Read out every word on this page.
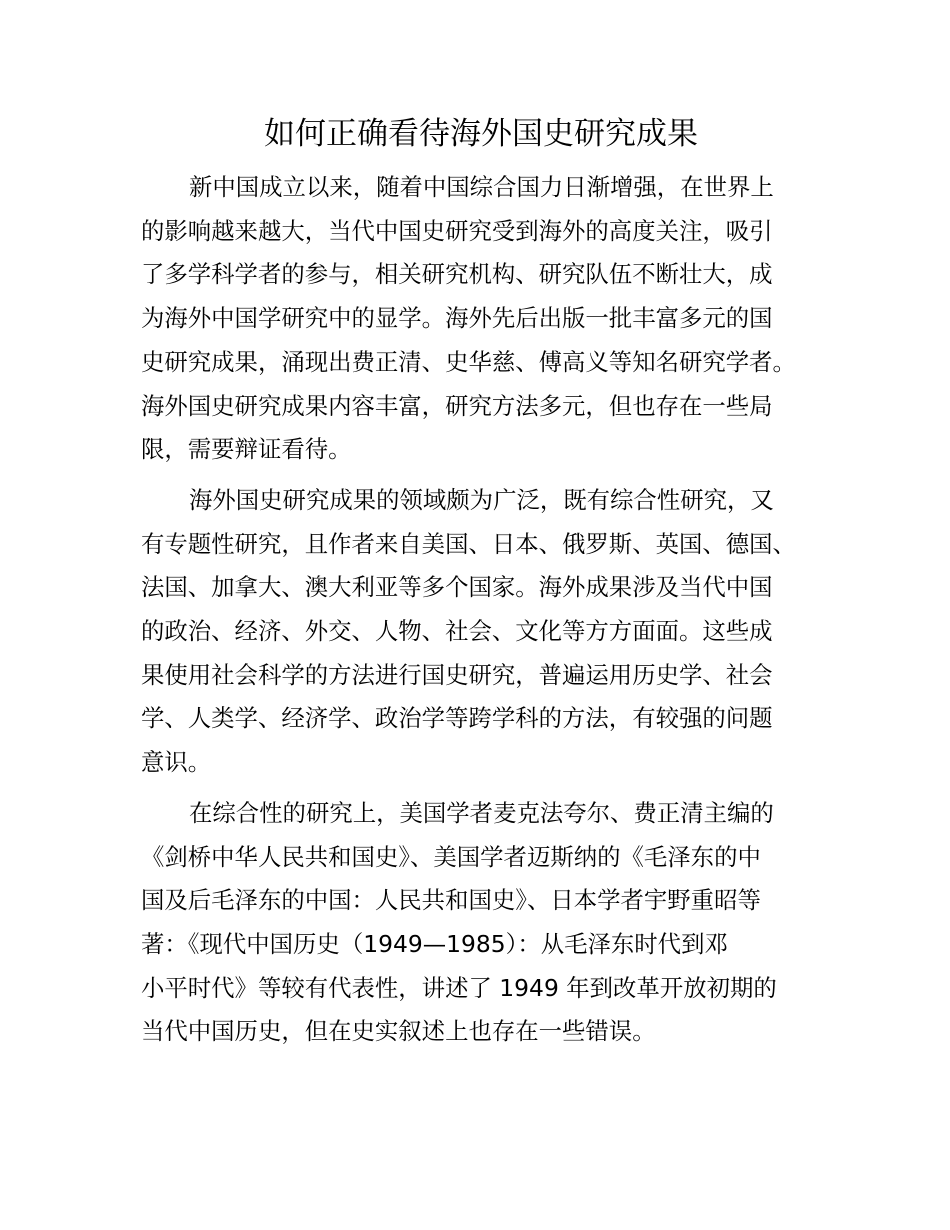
如何正确看待海外国史研究成果
新中国成立以来，随着中国综合国力日渐增强，在世界上
的影响越来越大，当代中国史研究受到海外的高度关注，吸引
了多学科学者的参与，相关研究机构、研究队伍不断壮大，成
为海外中国学研究中的显学。海外先后出版一批丰富多元的国
史研究成果，涌现出费正清、史华慈、傅高义等知名研究学者。
海外国史研究成果内容丰富，研究方法多元，但也存在一些局
限，需要辩证看待。
海外国史研究成果的领域颇为广泛，既有综合性研究，又
有专题性研究，且作者来自美国、日本、俄罗斯、英国、德国、
法国、加拿大、澳大利亚等多个国家。海外成果涉及当代中国
的政治、经济、外交、人物、社会、文化等方方面面。这些成
果使用社会科学的方法进行国史研究，普遍运用历史学、社会
学、人类学、经济学、政治学等跨学科的方法，有较强的问题
意识。
在综合性的研究上，美国学者麦克法夸尔、费正清主编的
《剑桥中华人民共和国史》、美国学者迈斯纳的《毛泽东的中
国及后毛泽东的中国：人民共和国史》、日本学者宇野重昭等
著：《现代中国历史（1949—1985）：从毛泽东时代到邓
小平时代》等较有代表性，讲述了 1949 年到改革开放初期的
当代中国历史，但在史实叙述上也存在一些错误。
